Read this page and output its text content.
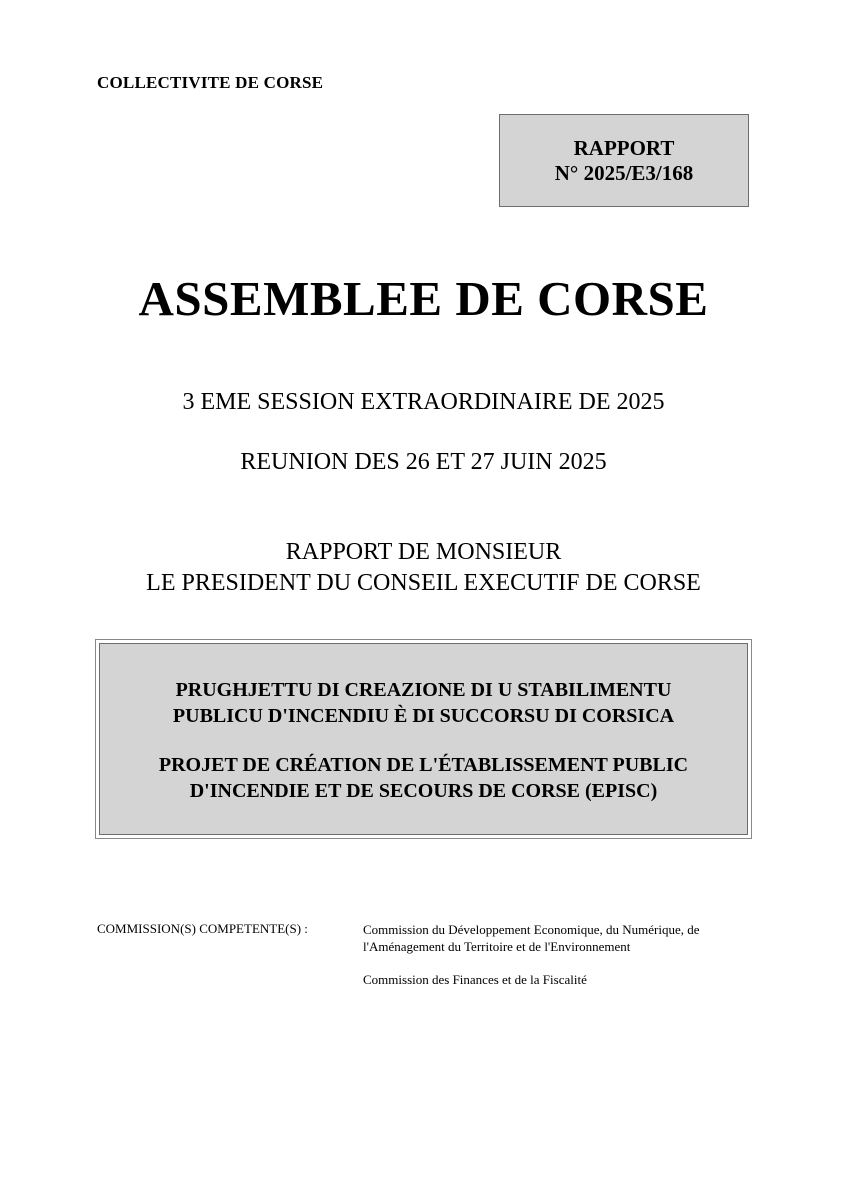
COLLECTIVITE DE CORSE

RAPPORT
N° 2025/E3/168
ASSEMBLEE DE CORSE

3 EME SESSION EXTRAORDINAIRE DE 2025

REUNION DES 26 ET 27 JUIN 2025

RAPPORT DE MONSIEUR
LE PRESIDENT DU CONSEIL EXECUTIF DE CORSE

PRUGHJETTU DI CREAZIONE DI U STABILIMENTU

PUBLICU D'INCENDIU È DI SUCCORSU DI CORSICA

PROJET DE CRÉATION DE L'ÉTABLISSEMENT PUBLIC

D'INCENDIE ET DE SECOURS DE CORSE (EPISC)

COMMISSION(S) COMPETENTE(S) :	Commission du Développement Economique, du Numérique, de l'Aménagement du Territoire et de l'Environnement

Commission des Finances et de la Fiscalité
